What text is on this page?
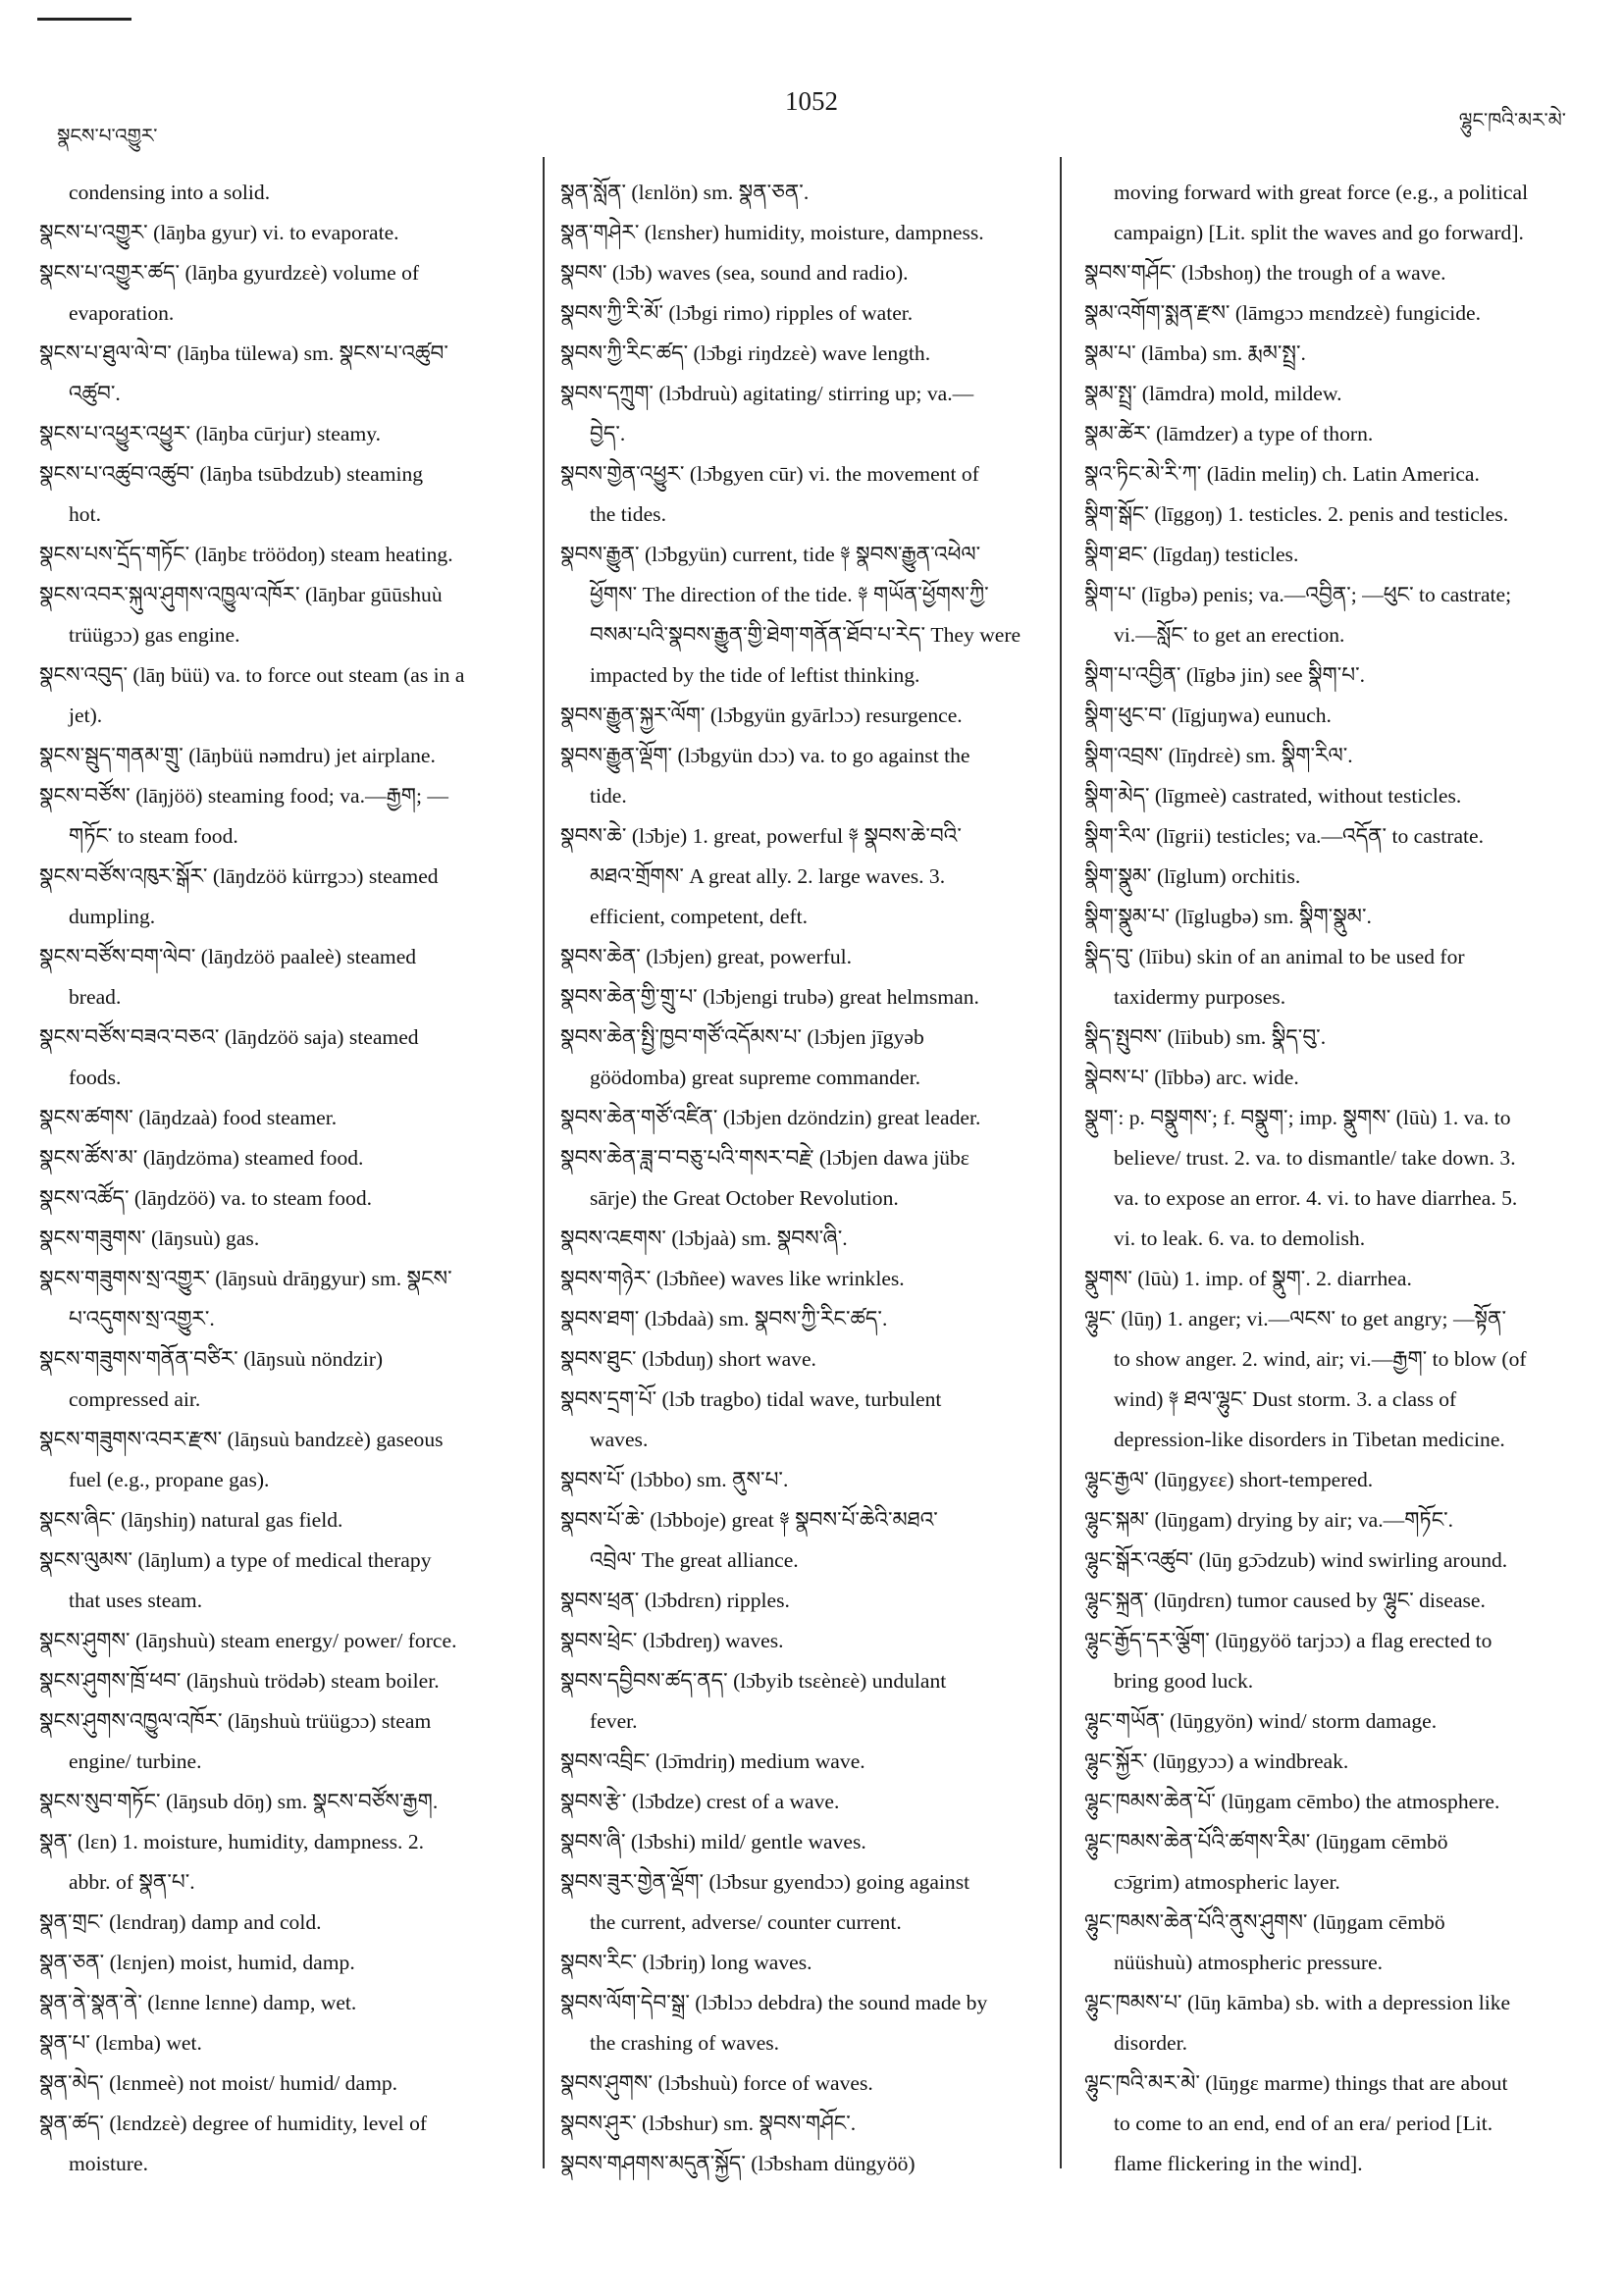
སྣངས་པ་འགྱུར་
1052
ལྷུང་ཁའི་མར་མེ་
condensing into a solid.
སྣངས་པ་འགྱུར་ (lāŋba gyur) vi. to evaporate.
སྣངས་པ་འགྱུར་ཚད་ (lāŋba gyurdzεè) volume of
evaporation.
སྣངས་པ་ཐུལ་ལེ་བ་ (lāŋba tülewa) sm. སྣངས་པ་འཚུབ་
འཚུབ་.
སྣངས་པ་འཕྱུར་འཕྱུར་ (lāŋba cūrjur) steamy.
སྣངས་པ་འཚུབ་འཚུབ་ (lāŋba tsūbdzub) steaming
hot.
སྣངས་པས་དྲོད་གཏོང་ (lāŋbε tröödoŋ) steam heating.
སྣངས་འབར་སྐུལ་ཤུགས་འཁྱུལ་འཁོར་ (lāŋbar gūūshuù
trüügɔɔ) gas engine.
སྣངས་འབུད་ (lāŋ büü) va. to force out steam (as in a
jet).
སྣངས་སྦུད་གནམ་གྲུ་ (lāŋbüü nəmdru) jet airplane.
སྣངས་བཙོས་ (lāŋjöö) steaming food; va.—རྒྱག; —
གཏོང་ to steam food.
སྣངས་བཙོས་འཁུར་སྒོར་ (lāŋdzöö kürrgɔɔ) steamed
dumpling.
སྣངས་བཙོས་བག་ལེབ་ (lāŋdzöö paaleè) steamed
bread.
སྣངས་བཙོས་བཟའ་བཅའ་ (lāŋdzöö saja) steamed
foods.
སྣངས་ཚགས་ (lāŋdzaà) food steamer.
སྣངས་ཚོས་མ་ (lāŋdzöma) steamed food.
སྣངས་འཚོད་ (lāŋdzöö) va. to steam food.
སྣངས་གཟུགས་ (lāŋsuù) gas.
སྣངས་གཟུགས་སྲ་འགྱུར་ (lāŋsuù drāŋgyur) sm. སྣངས་
པ་འདུགས་སྲ་འགྱུར་.
སྣངས་གཟུགས་གནོན་བཙིར་ (lāŋsuù nöndzir)
compressed air.
སྣངས་གཟུགས་འབར་རྫས་ (lāŋsuù bandzεè) gaseous
fuel (e.g., propane gas).
སྣངས་ཞིང་ (lāŋshiŋ) natural gas field.
སྣངས་ལུམས་ (lāŋlum) a type of medical therapy
that uses steam.
སྣངས་ཤུགས་ (lāŋshuù) steam energy/ power/ force.
སྣངས་ཤུགས་ཁྲོ་ཕབ་ (lāŋshuù trödəb) steam boiler.
སྣངས་ཤུགས་འཁྱུལ་འཁོར་ (lāŋshuù trüügɔɔ) steam
engine/ turbine.
སྣངས་སུབ་གཏོང་ (lāŋsub dōŋ) sm. སྣངས་བཙོས་རྒྱག.
སྣན་ (lεn) 1. moisture, humidity, dampness. 2.
abbr. of སྣན་པ་.
སྣན་གྲང་ (lεndraŋ) damp and cold.
སྣན་ཅན་ (lεnjen) moist, humid, damp.
སྣན་ནེ་སྣན་ནེ་ (lεnne lεnne) damp, wet.
སྣན་པ་ (lεmba) wet.
སྣན་མེད་ (lεnmeè) not moist/ humid/ damp.
སྣན་ཚད་ (lεndzεè) degree of humidity, level of
moisture.
སྣན་སློན་ (lεnlön) sm. སྣན་ཅན་.
སྣན་གཤེར་ (lεnsher) humidity, moisture, dampness.
སྣབས་ (lɔ̄b) waves (sea, sound and radio).
སྣབས་ཀྱི་རི་མོ་ (lɔ̄bgi rimo) ripples of water.
སྣབས་ཀྱི་རིང་ཚད་ (lɔ̄bgi riŋdzεè) wave length.
སྣབས་དཀྲུག་ (lɔ̄bdruù) agitating/ stirring up; va.—
བྱེད་.
སྣབས་གྱེན་འཕྱུར་ (lɔ̄bgyen cūr) vi. the movement of
the tides.
སྣབས་རྒྱུན་ (lɔ̄bgyün) current, tide ༈ སྣབས་རྒྱུན་འཕེལ་
ཕྱོགས་ The direction of the tide. ༈ གཡོན་ཕྱོགས་ཀྱི་
བསམ་པའི་སྣབས་རྒྱུན་གྱི་ཐེག་གནོན་ཐོབ་པ་རེད་ They were
impacted by the tide of leftist thinking.
སྣབས་རྒྱུན་སྐྱར་ལོག་ (lɔ̄bgyün gyārlɔɔ) resurgence.
སྣབས་རྒྱུན་ལྡོག་ (lɔ̄bgyün dɔɔ) va. to go against the
tide.
སྣབས་ཆེ་ (lɔ̄bje) 1. great, powerful ༈ སྣབས་ཆེ་བའི་
མཐའ་གྲོགས་ A great ally. 2. large waves. 3.
efficient, competent, deft.
སྣབས་ཆེན་ (lɔ̄bjen) great, powerful.
སྣབས་ཆེན་གྱི་གྲུ་པ་ (lɔ̄bjengi trubə) great helmsman.
སྣབས་ཆེན་སྤྱི་ཁྱབ་གཙོ་འདོམས་པ་ (lɔ̄bjen jīgyəb
göödomba) great supreme commander.
སྣབས་ཆེན་གཙོ་འཛིན་ (lɔ̄bjen dzöndzin) great leader.
སྣབས་ཆེན་ཟླ་བ་བཅུ་པའི་གསར་བརྗེ་ (lɔ̄bjen dawa jübε
sārje) the Great October Revolution.
སྣབས་འཇགས་ (lɔ̄bjaà) sm. སྣབས་ཞི་.
སྣབས་གཉེར་ (lɔ̄bñee) waves like wrinkles.
སྣབས་ཐག་ (lɔ̄bdaà) sm. སྣབས་ཀྱི་རིང་ཚད་.
སྣབས་ཐུང་ (lɔ̄bduŋ) short wave.
སྣབས་དྲག་པོ་ (lɔ̄b tragbo) tidal wave, turbulent
waves.
སྣབས་པོ་ (lɔ̄bbo) sm. ནུས་པ་.
སྣབས་པོ་ཆེ་ (lɔ̄bboje) great ༈ སྣབས་པོ་ཆེའི་མཐའ་
འབྲེལ་ The great alliance.
སྣབས་ཕྲན་ (lɔ̄bdrεn) ripples.
སྣབས་ཕྲེང་ (lɔ̄bdreŋ) waves.
སྣབས་དབྱིབས་ཚད་ནད་ (lɔ̄byib tsεènεè) undulant
fever.
སྣབས་འབྲིང་ (lɔ̄mdriŋ) medium wave.
སྣབས་རྩེ་ (lɔ̄bdze) crest of a wave.
སྣབས་ཞི་ (lɔ̄bshi) mild/ gentle waves.
སྣབས་ཟུར་གྱེན་ལྡོག་ (lɔ̄bsur gyendɔɔ) going against
the current, adverse/ counter current.
སྣབས་རིང་ (lɔ̄briŋ) long waves.
སྣབས་ལོག་དེབ་སྒྲ་ (lɔ̄blɔɔ debdra) the sound made by
the crashing of waves.
སྣབས་ཤུགས་ (lɔ̄bshuù) force of waves.
སྣབས་ཤུར་ (lɔ̄bshur) sm. སྣབས་གཤོང་.
སྣབས་གཤགས་མདུན་སྐྱོད་ (lɔ̄bsham düngyöö)
moving forward with great force (e.g., a political
campaign) [Lit. split the waves and go forward].
སྣབས་གཤོང་ (lɔ̄bshoŋ) the trough of a wave.
སྣམ་འགོག་སྨན་རྫས་ (lāmgɔɔ mεndzεè) fungicide.
སྣམ་པ་ (lāmba) sm. རྨམ་སྤྲ་.
སྣམ་སྤྲ་ (lāmdra) mold, mildew.
སྣམ་ཚེར་ (lāmdzer) a type of thorn.
སྣའ་ཏིང་མེ་རི་ཀ་ (lādin meliŋ) ch. Latin America.
སྣིག་སྒོང་ (līggoŋ) 1. testicles. 2. penis and testicles.
སྣིག་ཐང་ (līgdaŋ) testicles.
སྣིག་པ་ (līgbə) penis; va.—འབྱིན་; —ཕུང་ to castrate;
vi.—སློང་ to get an erection.
སྣིག་པ་འབྱིན་ (līgbə jin) see སྣིག་པ་.
སྣིག་ཕུང་བ་ (līgjuŋwa) eunuch.
སྣིག་འབྲས་ (līŋdrεè) sm. སྣིག་རིལ་.
སྣིག་མེད་ (līgmeè) castrated, without testicles.
སྣིག་རིལ་ (līgrii) testicles; va.—འདོན་ to castrate.
སྣིག་སྣུམ་ (līglum) orchitis.
སྣིག་སྣུམ་པ་ (līglugbə) sm. སྣིག་སྣུམ་.
སྣིད་བུ་ (līibu) skin of an animal to be used for
taxidermy purposes.
སྣིད་སྤུབས་ (līibub) sm. སྣིད་བུ་.
སྣེབས་པ་ (lībbə) arc. wide.
སྣུག་: p. བསྣུགས་; f. བསྣུག་; imp. སྣུགས་ (lūù) 1. va. to
believe/ trust. 2. va. to dismantle/ take down. 3.
va. to expose an error. 4. vi. to have diarrhea. 5.
vi. to leak. 6. va. to demolish.
སྣུགས་ (lūù) 1. imp. of སྣུག་. 2. diarrhea.
ལྷུང་ (lūŋ) 1. anger; vi.—ལངས་ to get angry; —སྟོན་
to show anger. 2. wind, air; vi.—རྒྱག་ to blow (of
wind) ༈ ཐལ་ལྷུང་ Dust storm. 3. a class of
depression-like disorders in Tibetan medicine.
ལྷུང་རྒྱལ་ (lūŋgyεε) short-tempered.
ལྷུང་སྐམ་ (lūŋgam) drying by air; va.—གཏོང་.
ལྷུང་སྒོར་འཚུབ་ (lūŋ gɔ̄ɔdzub) wind swirling around.
ལྷུང་སྐྲན་ (lūŋdrεn) tumor caused by ལྷུང་ disease.
ལྷུང་རྒྱོད་དར་ལྕོག་ (lūŋgyöö tarjɔɔ) a flag erected to
bring good luck.
ལྷུང་གཡོན་ (lūŋgyön) wind/ storm damage.
ལྷུང་སྐྱོར་ (lūŋgyɔɔ) a windbreak.
ལྷུང་ཁམས་ཆེན་པོ་ (lūŋgam cēmbo) the atmosphere.
ལྷུང་ཁམས་ཆེན་པོའི་ཚགས་རིམ་ (lūŋgam cēmbö
cɔ̄grim) atmospheric layer.
ལྷུང་ཁམས་ཆེན་པོའི་ནུས་ཤུགས་ (lūŋgam cēmbö
nüüshuù) atmospheric pressure.
ལྷུང་ཁམས་པ་ (lūŋ kāmba) sb. with a depression like
disorder.
ལྷུང་ཁའི་མར་མེ་ (lūŋgε marme) things that are about
to come to an end, end of an era/ period [Lit.
flame flickering in the wind].
